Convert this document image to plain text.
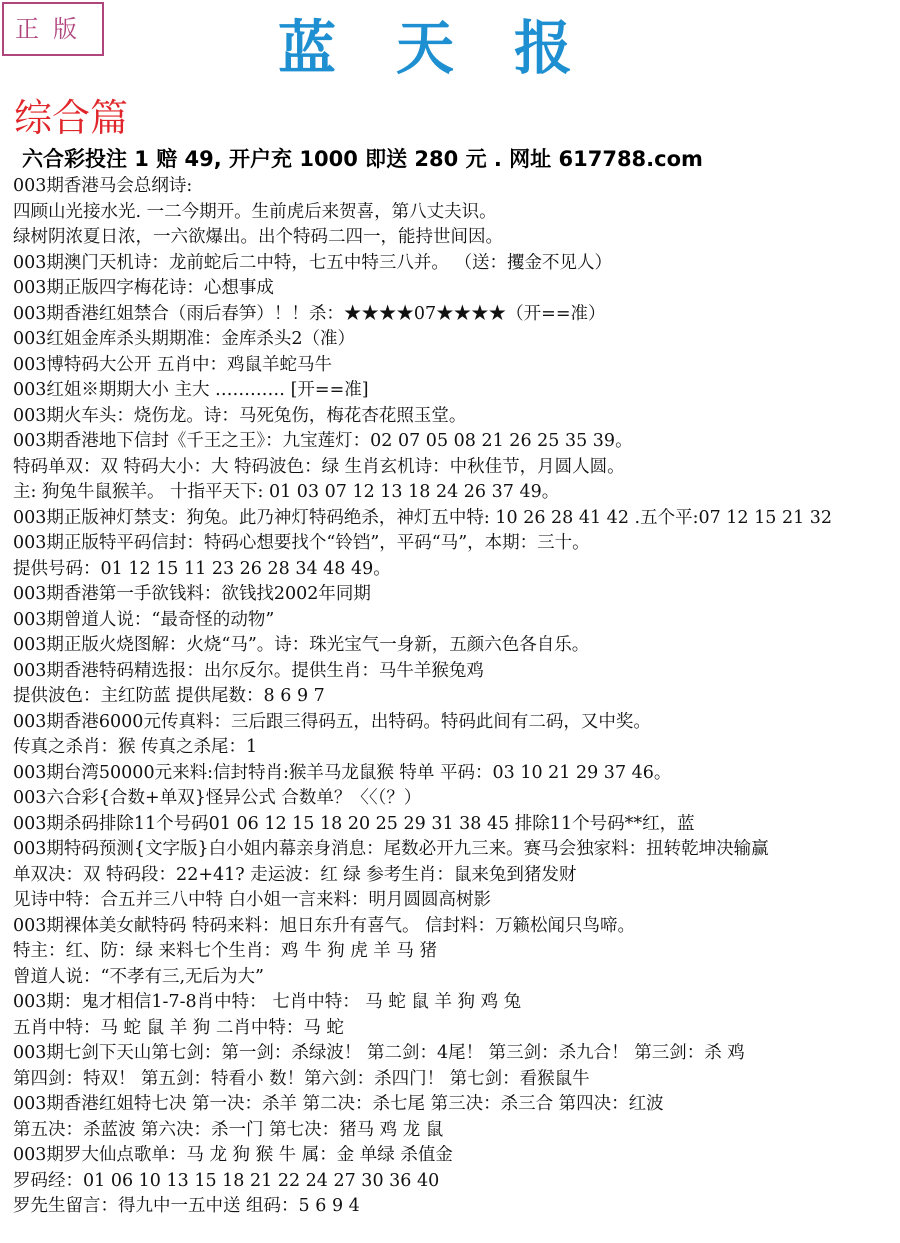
正版	蓝天报
综合篇
六合彩投注 1 赔 49, 开户充 1000 即送 280 元 . 网址 617788.com
003期香港马会总纲诗:
四顾山光接水光. 一二今期开。生前虎后来贺喜，第八丈夫识。
绿树阴浓夏日浓，一六欲爆出。出个特码二四一，能持世间因。
003期澳门天机诗：龙前蛇后二中特，七五中特三八并。 （送：攫金不见人）
003期正版四字梅花诗：心想事成
003期香港红姐禁合（雨后春笋）！！杀：★★★★07★★★★（开==准）
003红姐金库杀头期期准：金库杀头2（准）
003博特码大公开 五肖中：鸡鼠羊蛇马牛
003红姐※期期大小 主大 ………… [开==准]
003期火车头：烧伤龙。诗：马死兔伤，梅花杏花照玉堂。
003期香港地下信封《千王之王》：九宝莲灯：02 07 05 08 21 26 25 35 39。
特码单双：双 特码大小：大 特码波色：绿 生肖玄机诗：中秋佳节，月圆人圆。
主: 狗兔牛鼠猴羊。 十指平天下: 01 03 07 12 13 18 24 26 37 49。
003期正版神灯禁支：狗兔。此乃神灯特码绝杀，神灯五中特: 10 26 28 41 42 .五个平:07 12 15 21 32
003期正版特平码信封：特码心想要找个“铃铛”，平码“马”，本期：三十。
提供号码：01 12 15 11 23 26 28 34 48 49。
003期香港第一手欲钱料：欲钱找2002年同期
003期曾道人说：“最奇怪的动物”
003期正版火烧图解：火烧“马”。诗：珠光宝气一身新，五颜六色各自乐。
003期香港特码精选报：出尔反尔。提供生肖：马牛羊猴兔鸡
提供波色：主红防蓝 提供尾数：8 6 9 7
003期香港6000元传真料：三后跟三得码五，出特码。特码此间有二码，又中奖。
传真之杀肖：猴 传真之杀尾：1
003期台湾50000元来料:信封特肖:猴羊马龙鼠猴 特单 平码：03 10 21 29 37 46。
003六合彩{合数+单双}怪异公式 合数单？〈〈（？）
003期杀码排除11个号码01 06 12 15 18 20 25 29 31 38 45 排除11个号码**红，蓝
003期特码预测{文字版}白小姐内幕亲身消息：尾数必开九三来。赛马会独家料：扭转乾坤决输赢
单双决：双 特码段：22+41? 走运波：红 绿 参考生肖：鼠来兔到猪发财
见诗中特：合五并三八中特 白小姐一言来料：明月圆圆高树影
003期裸体美女献特码 特码来料：旭日东升有喜气。 信封料：万籁松闻只鸟啼。
特主：红、防：绿 来料七个生肖：鸡 牛 狗 虎 羊 马 猪
曾道人说：“不孝有三,无后为大”
003期：鬼才相信1-7-8肖中特： 七肖中特： 马 蛇 鼠 羊 狗 鸡 兔
五肖中特：马 蛇 鼠 羊 狗 二肖中特：马 蛇
003期七剑下天山第七剑：第一剑：杀绿波！ 第二剑：4尾！ 第三剑：杀九合！ 第三剑：杀 鸡
第四剑：特双！ 第五剑：特看小 数！第六剑：杀四门！ 第七剑：看猴鼠牛
003期香港红姐特七决 第一决：杀羊 第二决：杀七尾 第三决：杀三合 第四决：红波
第五决：杀蓝波 第六决：杀一门 第七决：猪马 鸡 龙 鼠
003期罗大仙点歌单：马 龙 狗 猴 牛 属：金 单绿 杀值金
罗码经：01 06 10 13 15 18 21 22 24 27 30 36 40
罗先生留言：得九中一五中送 组码：5 6 9 4
